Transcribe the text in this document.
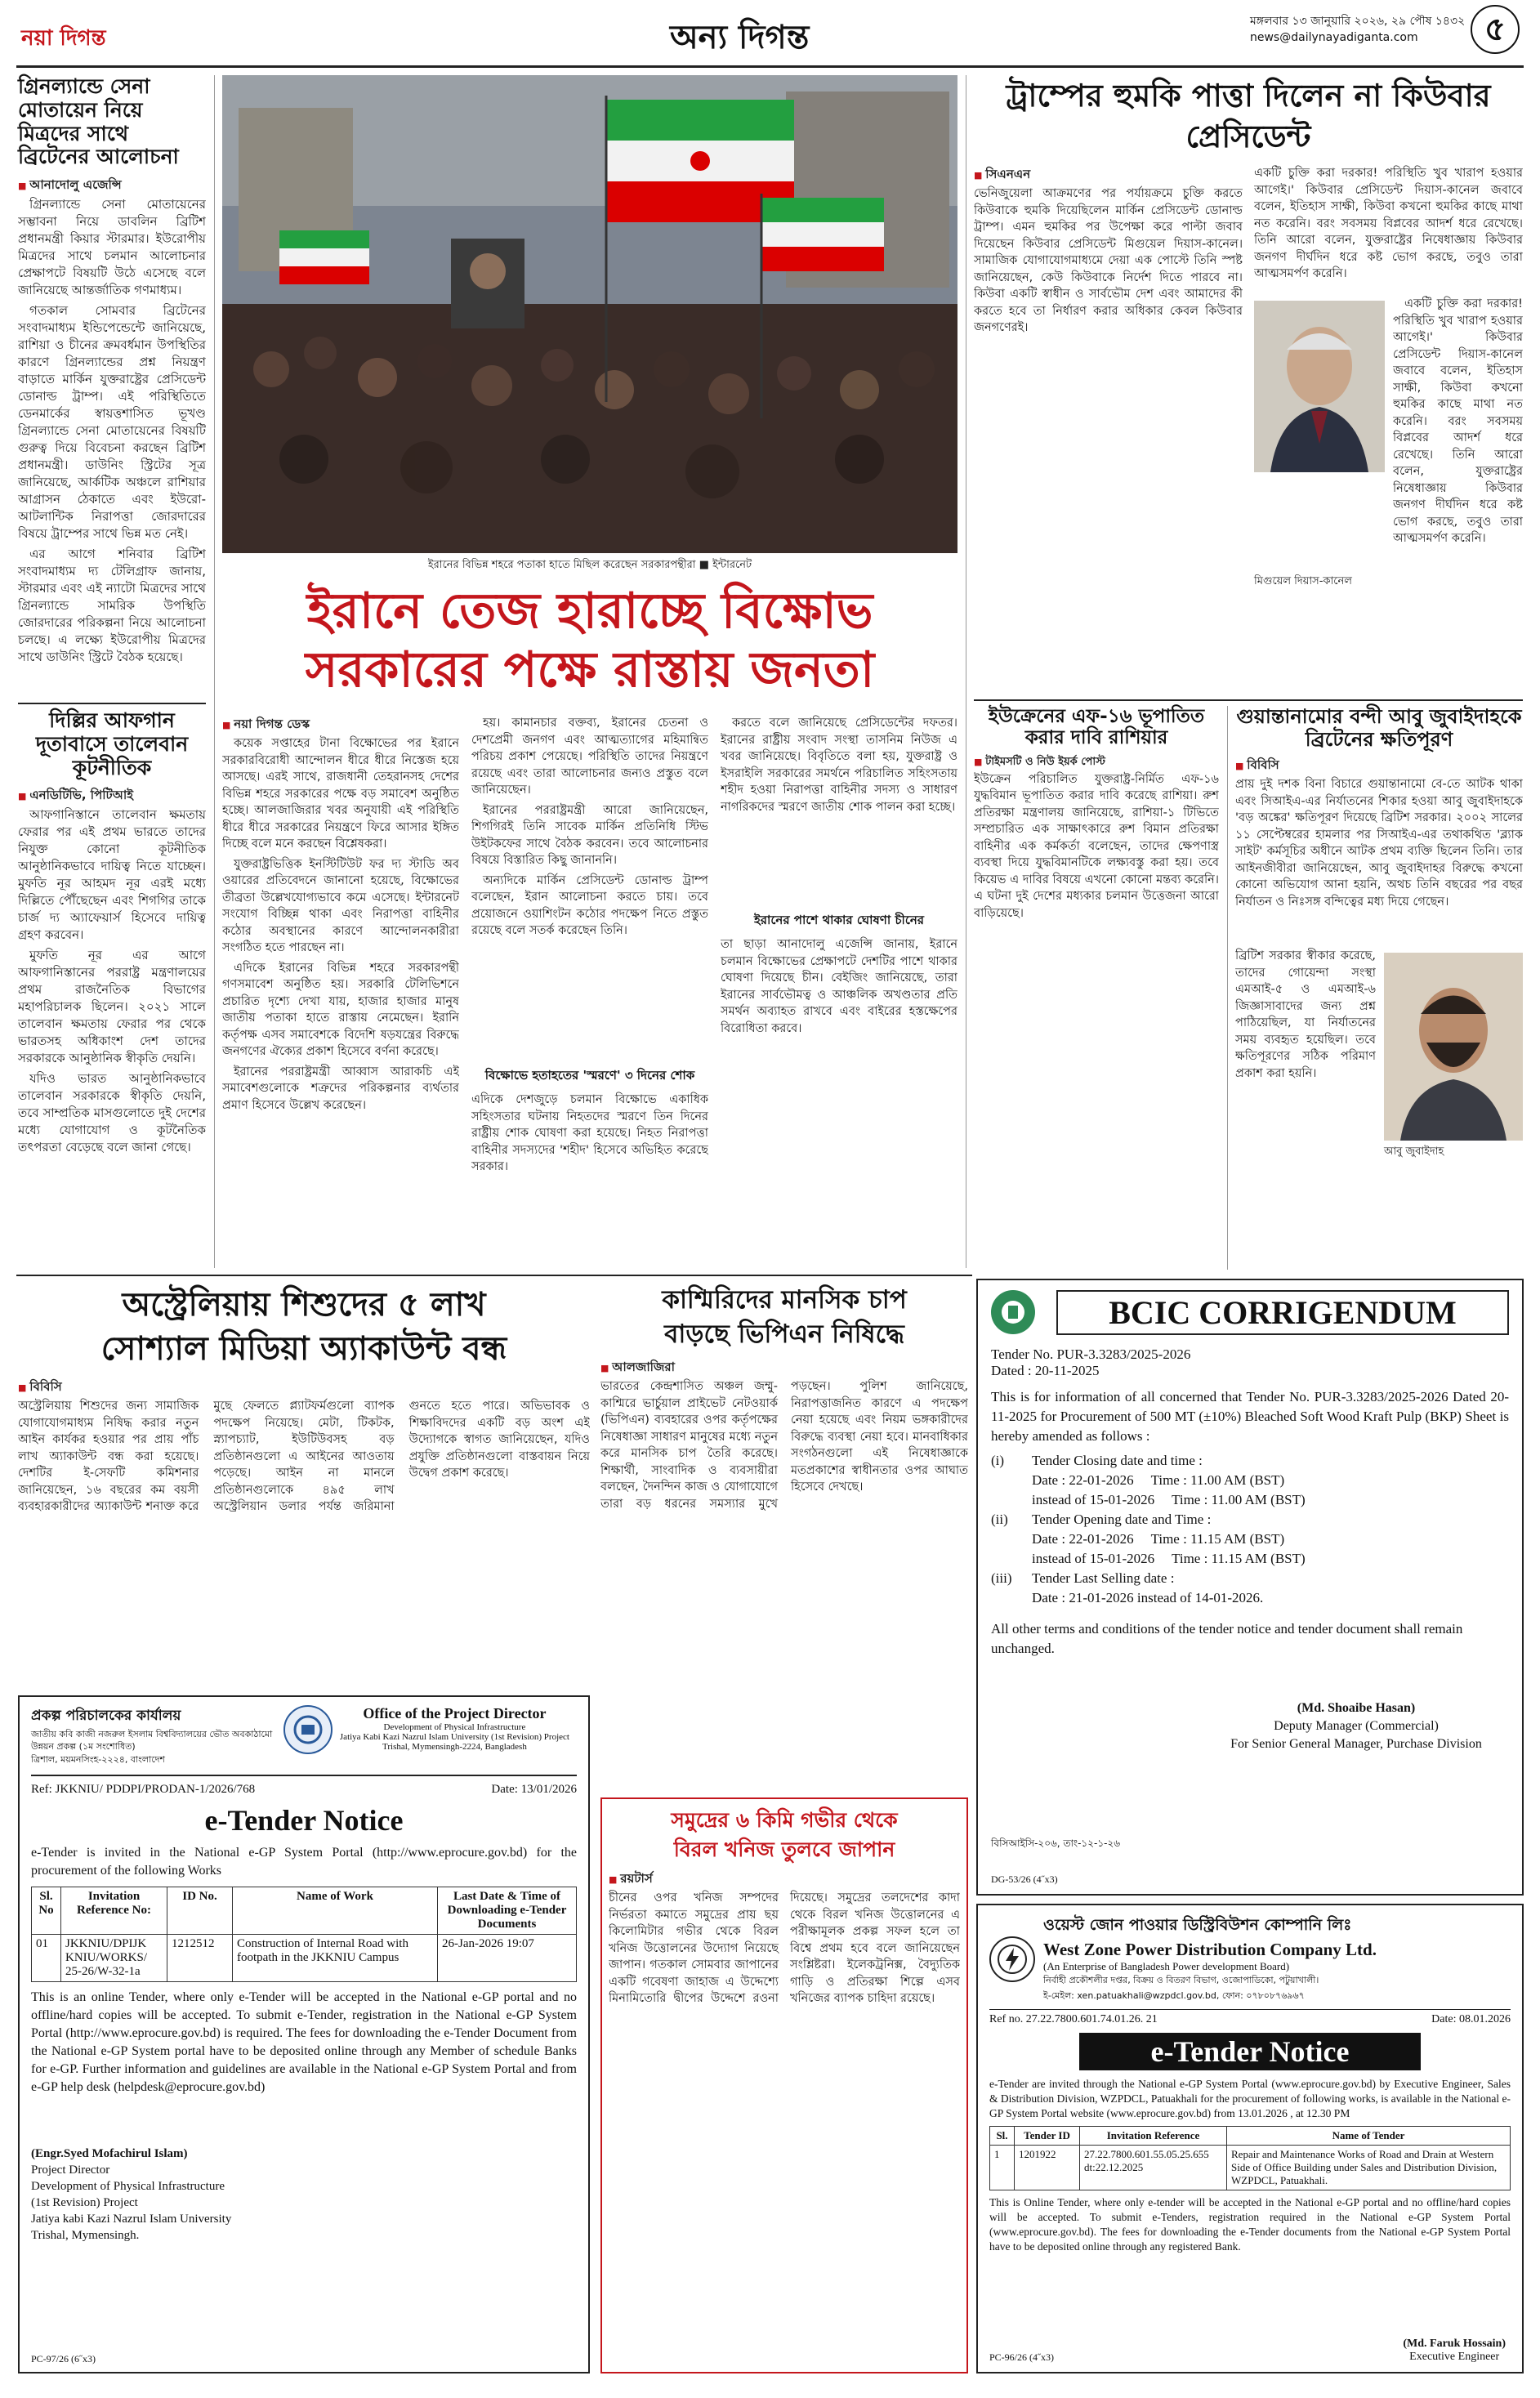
নয়া দিগন্ত	অন্য দিগন্ত	মঙ্গলবার ১৩ জানুয়ারি ২০২৬, ২৯ পৌষ ১৪৩২
news@dailynayadiganta.com	৫
গ্রিনল্যান্ডে সেনা মোতায়েন নিয়ে মিত্রদের সাথে ব্রিটেনের আলোচনা
■ আনাদোলু এজেন্সি

গ্রিনল্যান্ডে সেনা মোতায়েনের সম্ভাবনা নিয়ে ডাবলিন ব্রিটিশ প্রধানমন্ত্রী কিয়ার স্টারমার। ইউরোপীয় মিত্রদের সাথে চলমান আলোচনার প্রেক্ষাপটে বিষয়টি উঠে এসেছে বলে জানিয়েছে আন্তর্জাতিক গণমাধ্যম।

গতকাল সোমবার ব্রিটেনের সংবাদমাধ্যম ইন্ডিপেন্ডেন্টে জানিয়েছে, রাশিয়া ও চীনের ক্রমবর্ধমান উপস্থিতির কারণে গ্রিনল্যান্ডের প্রশ্ন নিয়ন্ত্রণ বাড়াতে মার্কিন যুক্তরাষ্ট্রের প্রেসিডেন্ট ডোনাল্ড ট্রাম্প। এই পরিস্থিতিতে ডেনমার্কের স্বায়ত্তশাসিত ভূখণ্ড গ্রিনল্যান্ডে সেনা মোতায়েনের বিষয়টি গুরুত্ব দিয়ে বিবেচনা করছেন ব্রিটিশ প্রধানমন্ত্রী। ডাউনিং স্ট্রিটের সূত্র জানিয়েছে, আর্কটিক অঞ্চলে রাশিয়ার আগ্রাসন ঠেকাতে এবং ইউরো-আটলান্টিক নিরাপত্তা জোরদারের বিষয়ে ট্রাম্পের সাথে ভিন্ন মত নেই।

এর আগে শনিবার ব্রিটিশ সংবাদমাধ্যম দ্য টেলিগ্রাফ জানায়, স্টারমার এবং এই ন্যাটো মিত্রদের সাথে গ্রিনল্যান্ডে সামরিক উপস্থিতি জোরদারের পরিকল্পনা নিয়ে আলোচনা চলছে। এ লক্ষ্যে ইউরোপীয় মিত্রদের সাথে ডাউনিং স্ট্রিটে বৈঠক হয়েছে।

দিল্লির আফগান দূতাবাসে তালেবান কূটনীতিক
■ এনডিটিভি, পিটিআই

আফগানিস্তানে তালেবান ক্ষমতায় ফেরার পর এই প্রথম ভারতে তাদের নিযুক্ত কোনো কূটনীতিক আনুষ্ঠানিকভাবে দায়িত্ব নিতে যাচ্ছেন। মুফতি নূর আহমদ নূর এরই মধ্যে দিল্লিতে পৌঁছেছেন এবং শিগগির তাকে চার্জ দ্য অ্যাফেয়ার্স হিসেবে দায়িত্ব গ্রহণ করবেন।

মুফতি নূর এর আগে আফগানিস্তানের পররাষ্ট্র মন্ত্রণালয়ের প্রথম রাজনৈতিক বিভাগের মহাপরিচালক ছিলেন। ২০২১ সালে তালেবান ক্ষমতায় ফেরার পর থেকে ভারতসহ অধিকাংশ দেশ তাদের সরকারকে আনুষ্ঠানিক স্বীকৃতি দেয়নি।

যদিও ভারত আনুষ্ঠানিকভাবে তালেবান সরকারকে স্বীকৃতি দেয়নি, তবে সাম্প্রতিক মাসগুলোতে দুই দেশের মধ্যে যোগাযোগ ও কূটনৈতিক তৎপরতা বেড়েছে বলে জানা গেছে।

ইরানের বিভিন্ন শহরে পতাকা হাতে মিছিল করেছেন সরকারপন্থীরা ■ ইন্টারনেট
ইরানে তেজ হারাচ্ছে বিক্ষোভ
সরকারের পক্ষে রাস্তায় জনতা
■ নয়া দিগন্ত ডেস্ক

কয়েক সপ্তাহের টানা বিক্ষোভের পর ইরানে সরকারবিরোধী আন্দোলন ধীরে ধীরে নিস্তেজ হয়ে আসছে। এরই সাথে, রাজধানী তেহরানসহ দেশের বিভিন্ন শহরে সরকারের পক্ষে বড় সমাবেশ অনুষ্ঠিত হচ্ছে। আলজাজিরার খবর অনুযায়ী এই পরিস্থিতি ধীরে ধীরে সরকারের নিয়ন্ত্রণে ফিরে আসার ইঙ্গিত দিচ্ছে বলে মনে করছেন বিশ্লেষকরা।

যুক্তরাষ্ট্রভিত্তিক ইনস্টিটিউট ফর দ্য স্টাডি অব ওয়ারের প্রতিবেদনে জানানো হয়েছে, বিক্ষোভের তীব্রতা উল্লেখযোগ্যভাবে কমে এসেছে। ইন্টারনেট সংযোগ বিচ্ছিন্ন থাকা এবং নিরাপত্তা বাহিনীর কঠোর অবস্থানের কারণে আন্দোলনকারীরা সংগঠিত হতে পারছেন না।

এদিকে ইরানের বিভিন্ন শহরে সরকারপন্থী গণসমাবেশ অনুষ্ঠিত হয়। সরকারি টেলিভিশনে প্রচারিত দৃশ্যে দেখা যায়, হাজার হাজার মানুষ জাতীয় পতাকা হাতে রাস্তায় নেমেছেন। ইরানি কর্তৃপক্ষ এসব সমাবেশকে বিদেশি ষড়যন্ত্রের বিরুদ্ধে জনগণের ঐক্যের প্রকাশ হিসেবে বর্ণনা করেছে।

ইরানের পররাষ্ট্রমন্ত্রী আব্বাস আরাকচি এই সমাবেশগুলোকে শত্রুদের পরিকল্পনার ব্যর্থতার প্রমাণ হিসেবে উল্লেখ করেছেন।

হয়। কামানচার বক্তব্য, ইরানের চেতনা ও দেশপ্রেমী জনগণ এবং আত্মত্যাগের মহিমান্বিত পরিচয় প্রকাশ পেয়েছে। পরিস্থিতি তাদের নিয়ন্ত্রণে রয়েছে এবং তারা আলোচনার জন্যও প্রস্তুত বলে জানিয়েছেন।

ইরানের পররাষ্ট্রমন্ত্রী আরো জানিয়েছেন, শিগগিরই তিনি সাবেক মার্কিন প্রতিনিধি স্টিভ উইটকফের সাথে বৈঠক করবেন। তবে আলোচনার বিষয়ে বিস্তারিত কিছু জানাননি।

অন্যদিকে মার্কিন প্রেসিডেন্ট ডোনাল্ড ট্রাম্প বলেছেন, ইরান আলোচনা করতে চায়। তবে প্রয়োজনে ওয়াশিংটন কঠোর পদক্ষেপ নিতে প্রস্তুত রয়েছে বলে সতর্ক করেছেন তিনি।

বিক্ষোভে হতাহতের 'স্মরণে' ৩ দিনের শোক
এদিকে দেশজুড়ে চলমান বিক্ষোভে একাধিক সহিংসতার ঘটনায় নিহতদের স্মরণে তিন দিনের রাষ্ট্রীয় শোক ঘোষণা করা হয়েছে। নিহত নিরাপত্তা বাহিনীর সদস্যদের 'শহীদ' হিসেবে অভিহিত করেছে সরকার।

করতে বলে জানিয়েছে প্রেসিডেন্টের দফতর। ইরানের রাষ্ট্রীয় সংবাদ সংস্থা তাসনিম নিউজ এ খবর জানিয়েছে। বিবৃতিতে বলা হয়, যুক্তরাষ্ট্র ও ইসরাইলি সরকারের সমর্থনে পরিচালিত সহিংসতায় শহীদ হওয়া নিরাপত্তা বাহিনীর সদস্য ও সাধারণ নাগরিকদের স্মরণে জাতীয় শোক পালন করা হচ্ছে।

ইরানের পাশে থাকার ঘোষণা চীনের
তা ছাড়া আনাদোলু এজেন্সি জানায়, ইরানে চলমান বিক্ষোভের প্রেক্ষাপটে দেশটির পাশে থাকার ঘোষণা দিয়েছে চীন। বেইজিং জানিয়েছে, তারা ইরানের সার্বভৌমত্ব ও আঞ্চলিক অখণ্ডতার প্রতি সমর্থন অব্যাহত রাখবে এবং বাইরের হস্তক্ষেপের বিরোধিতা করবে।
ট্রাম্পের হুমকি পাত্তা দিলেন না কিউবার প্রেসিডেন্ট
■ সিএনএন
ভেনিজুয়েলা আক্রমণের পর পর্যায়ক্রমে চুক্তি করতে কিউবাকে হুমকি দিয়েছিলেন মার্কিন প্রেসিডেন্ট ডোনাল্ড ট্রাম্প। এমন হুমকির পর উপেক্ষা করে পাল্টা জবাব দিয়েছেন কিউবার প্রেসিডেন্ট মিগুয়েল দিয়াস-কানেল। সামাজিক যোগাযোগমাধ্যমে দেয়া এক পোস্টে তিনি স্পষ্ট জানিয়েছেন, কেউ কিউবাকে নির্দেশ দিতে পারবে না। কিউবা একটি স্বাধীন ও সার্বভৌম দেশ এবং আমাদের কী করতে হবে তা নির্ধারণ করার অধিকার কেবল কিউবার জনগণেরই।
একটি চুক্তি করা দরকার! পরিস্থিতি খুব খারাপ হওয়ার আগেই।' কিউবার প্রেসিডেন্ট দিয়াস-কানেল জবাবে বলেন, ইতিহাস সাক্ষী, কিউবা কখনো হুমকির কাছে মাথা নত করেনি। বরং সবসময় বিপ্লবের আদর্শ ধরে রেখেছে। তিনি আরো বলেন, যুক্তরাষ্ট্রের নিষেধাজ্ঞায় কিউবার জনগণ দীর্ঘদিন ধরে কষ্ট ভোগ করছে, তবুও তারা আত্মসমর্পণ করেনি।

একটি চুক্তি করা দরকার! পরিস্থিতি খুব খারাপ হওয়ার আগেই।' কিউবার প্রেসিডেন্ট দিয়াস-কানেল জবাবে বলেন, ইতিহাস সাক্ষী, কিউবা কখনো হুমকির কাছে মাথা নত করেনি। বরং সবসময় বিপ্লবের আদর্শ ধরে রেখেছে। তিনি আরো বলেন, যুক্তরাষ্ট্রের নিষেধাজ্ঞায় কিউবার জনগণ দীর্ঘদিন ধরে কষ্ট ভোগ করছে, তবুও তারা আত্মসমর্পণ করেনি।

মিগুয়েল দিয়াস-কানেল
ইউক্রেনের এফ-১৬ ভূপাতিত করার দাবি রাশিয়ার
■ টাইমসটি ও নিউ ইয়র্ক পোস্ট
ইউক্রেন পরিচালিত যুক্তরাষ্ট্র-নির্মিত এফ-১৬ যুদ্ধবিমান ভূপাতিত করার দাবি করেছে রাশিয়া। রুশ প্রতিরক্ষা মন্ত্রণালয় জানিয়েছে, রাশিয়া-১ টিভিতে সম্প্রচারিত এক সাক্ষাৎকারে রুশ বিমান প্রতিরক্ষা বাহিনীর এক কর্মকর্তা বলেছেন, তাদের ক্ষেপণাস্ত্র ব্যবস্থা দিয়ে যুদ্ধবিমানটিকে লক্ষ্যবস্তু করা হয়। তবে কিয়েভ এ দাবির বিষয়ে এখনো কোনো মন্তব্য করেনি। এ ঘটনা দুই দেশের মধ্যকার চলমান উত্তেজনা আরো বাড়িয়েছে।
গুয়ান্তানামোর বন্দী আবু জুবাইদাহকে ব্রিটেনের ক্ষতিপূরণ
■ বিবিসি
প্রায় দুই দশক বিনা বিচারে গুয়ান্তানামো বে-তে আটক থাকা এবং সিআইএ-এর নির্যাতনের শিকার হওয়া আবু জুবাইদাহকে 'বড় অঙ্কের' ক্ষতিপূরণ দিয়েছে ব্রিটিশ সরকার। ২০০২ সালের ১১ সেপ্টেম্বরের হামলার পর সিআইএ-এর তথাকথিত 'ব্ল্যাক সাইট' কর্মসূচির অধীনে আটক প্রথম ব্যক্তি ছিলেন তিনি। তার আইনজীবীরা জানিয়েছেন, আবু জুবাইদাহর বিরুদ্ধে কখনো কোনো অভিযোগ আনা হয়নি, অথচ তিনি বছরের পর বছর নির্যাতন ও নিঃসঙ্গ বন্দিত্বের মধ্য দিয়ে গেছেন।
আবু জুবাইদাহ
ব্রিটিশ সরকার স্বীকার করেছে, তাদের গোয়েন্দা সংস্থা এমআই-৫ ও এমআই-৬ জিজ্ঞাসাবাদের জন্য প্রশ্ন পাঠিয়েছিল, যা নির্যাতনের সময় ব্যবহৃত হয়েছিল। তবে ক্ষতিপূরণের সঠিক পরিমাণ প্রকাশ করা হয়নি।
অস্ট্রেলিয়ায় শিশুদের ৫ লাখ
সোশ্যাল মিডিয়া অ্যাকাউন্ট বন্ধ
■ বিবিসি
অস্ট্রেলিয়ায় শিশুদের জন্য সামাজিক যোগাযোগমাধ্যম নিষিদ্ধ করার নতুন আইন কার্যকর হওয়ার পর প্রায় পাঁচ লাখ অ্যাকাউন্ট বন্ধ করা হয়েছে। দেশটির ই-সেফটি কমিশনার জানিয়েছেন, ১৬ বছরের কম বয়সী ব্যবহারকারীদের অ্যাকাউন্ট শনাক্ত করে মুছে ফেলতে প্ল্যাটফর্মগুলো ব্যাপক পদক্ষেপ নিয়েছে। মেটা, টিকটক, স্ন্যাপচ্যাট, ইউটিউবসহ বড় প্রতিষ্ঠানগুলো এ আইনের আওতায় পড়েছে। আইন না মানলে প্রতিষ্ঠানগুলোকে ৪৯৫ লাখ অস্ট্রেলিয়ান ডলার পর্যন্ত জরিমানা গুনতে হতে পারে। অভিভাবক ও শিক্ষাবিদদের একটি বড় অংশ এই উদ্যোগকে স্বাগত জানিয়েছেন, যদিও প্রযুক্তি প্রতিষ্ঠানগুলো বাস্তবায়ন নিয়ে উদ্বেগ প্রকাশ করেছে।
কাশ্মিরিদের মানসিক চাপ
বাড়ছে ভিপিএন নিষিদ্ধে
■ আলজাজিরা
ভারতের কেন্দ্রশাসিত অঞ্চল জম্মু-কাশ্মিরে ভার্চুয়াল প্রাইভেট নেটওয়ার্ক (ভিপিএন) ব্যবহারের ওপর কর্তৃপক্ষের নিষেধাজ্ঞা সাধারণ মানুষের মধ্যে নতুন করে মানসিক চাপ তৈরি করেছে। শিক্ষার্থী, সাংবাদিক ও ব্যবসায়ীরা বলছেন, দৈনন্দিন কাজ ও যোগাযোগে তারা বড় ধরনের সমস্যার মুখে পড়ছেন। পুলিশ জানিয়েছে, নিরাপত্তাজনিত কারণে এ পদক্ষেপ নেয়া হয়েছে এবং নিয়ম ভঙ্গকারীদের বিরুদ্ধে ব্যবস্থা নেয়া হবে। মানবাধিকার সংগঠনগুলো এই নিষেধাজ্ঞাকে মতপ্রকাশের স্বাধীনতার ওপর আঘাত হিসেবে দেখছে।
প্রকল্প পরিচালকের কার্যালয়
জাতীয় কবি কাজী নজরুল ইসলাম বিশ্ববিদ্যালয়ের ভৌত অবকাঠামো উন্নয়ন প্রকল্প (১ম সংশোধিত)
ত্রিশাল, ময়মনসিংহ-২২২৪, বাংলাদেশ
Office of the Project Director
Development of Physical Infrastructure
Jatiya Kabi Kazi Nazrul Islam University (1st Revision) Project
Trishal, Mymensingh-2224, Bangladesh
Ref: JKKNIU/ PDDPI/PRODAN-1/2026/768	Date: 13/01/2026
e-Tender Notice
e-Tender is invited in the National e-GP System Portal (http://www.eprocure.gov.bd) for the procurement of the following Works
Sl. No	Invitation Reference No:	ID No.	Name of Work	Last Date & Time of Downloading e-Tender Documents
01	JKKNIU/DPIJK KNIU/WORKS/ 25-26/W-32-1a	1212512	Construction of Internal Road with footpath in the JKKNIU Campus	26-Jan-2026 19:07
This is an online Tender, where only e-Tender will be accepted in the National e-GP portal and no offline/hard copies will be accepted. To submit e-Tender, registration in the National e-GP System Portal (http://www.eprocure.gov.bd) is required. The fees for downloading the e-Tender Document from the National e-GP System portal have to be deposited online through any Member of schedule Banks for e-GP. Further information and guidelines are available in the National e-GP System Portal and from e-GP help desk (helpdesk@eprocure.gov.bd)
(Engr.Syed Mofachirul Islam)
Project Director
Development of Physical Infrastructure
(1st Revision) Project
Jatiya kabi Kazi Nazrul Islam University
Trishal, Mymensingh.
PC-97/26 (6˝x3)
সমুদ্রের ৬ কিমি গভীর থেকে
বিরল খনিজ তুলবে জাপান
■ রয়টার্স
চীনের ওপর খনিজ সম্পদের নির্ভরতা কমাতে সমুদ্রের প্রায় ছয় কিলোমিটার গভীর থেকে বিরল খনিজ উত্তোলনের উদ্যোগ নিয়েছে জাপান। গতকাল সোমবার জাপানের একটি গবেষণা জাহাজ এ উদ্দেশ্যে মিনামিতোরি দ্বীপের উদ্দেশে রওনা দিয়েছে। সমুদ্রের তলদেশের কাদা থেকে বিরল খনিজ উত্তোলনের এ পরীক্ষামূলক প্রকল্প সফল হলে তা বিশ্বে প্রথম হবে বলে জানিয়েছেন সংশ্লিষ্টরা। ইলেকট্রনিক্স, বৈদ্যুতিক গাড়ি ও প্রতিরক্ষা শিল্পে এসব খনিজের ব্যাপক চাহিদা রয়েছে।
BCIC CORRIGENDUM
Tender No. PUR-3.3283/2025-2026
Dated : 20-11-2025
This is for information of all concerned that Tender No. PUR-3.3283/2025-2026 Dated 20-11-2025 for Procurement of 500 MT (±10%) Bleached Soft Wood Kraft Pulp (BKP) Sheet is hereby amended as follows :
(i)	Tender Closing date and time :
Date : 22-01-2026     Time : 11.00 AM (BST)
instead of 15-01-2026     Time : 11.00 AM (BST)
(ii)	Tender Opening date and Time :
Date : 22-01-2026     Time : 11.15 AM (BST)
instead of 15-01-2026     Time : 11.15 AM (BST)
(iii)	Tender Last Selling date :
Date : 21-01-2026 instead of 14-01-2026.
All other terms and conditions of the tender notice and tender document shall remain unchanged.
(Md. Shoaibe Hasan)
Deputy Manager (Commercial)
For Senior General Manager, Purchase Division
বিসিআইসি-২০৬, তাং-১২-১-২৬
DG-53/26 (4˝x3)
ওয়েস্ট জোন পাওয়ার ডিস্ট্রিবিউশন কোম্পানি লিঃ
West Zone Power Distribution Company Ltd.
(An Enterprise of Bangladesh Power development Board)
নির্বাহী প্রকৌশলীর দপ্তর, বিক্রয় ও বিতরণ বিভাগ, ওজোপাডিকো, পটুয়াখালী।
ই-মেইল: xen.patuakhali@wzpdcl.gov.bd, ফোন: ০৭৮০৮৭৬৯৬৭
Ref no. 27.22.7800.601.74.01.26. 21	Date: 08.01.2026
e-Tender Notice
e-Tender are invited through the National e-GP System Portal (www.eprocure.gov.bd) by Executive Engineer, Sales & Distribution Division, WZPDCL, Patuakhali for the procurement of following works, is available in the National e-GP System Portal website (www.eprocure.gov.bd) from 13.01.2026 , at 12.30 PM
Sl.	Tender ID	Invitation Reference	Name of Tender
1	1201922	27.22.7800.601.55.05.25.655 dt:22.12.2025	Repair and Maintenance Works of Road and Drain at Western Side of Office Building under Sales and Distribution Division, WZPDCL, Patuakhali.
This is Online Tender, where only e-tender will be accepted in the National e-GP portal and no offline/hard copies will be accepted. To submit e-Tenders, registration required in the National e-GP System Portal (www.eprocure.gov.bd). The fees for downloading the e-Tender documents from the National e-GP System Portal have to be deposited online through any registered Bank.
(Md. Faruk Hossain)
Executive Engineer
PC-96/26 (4˝x3)
